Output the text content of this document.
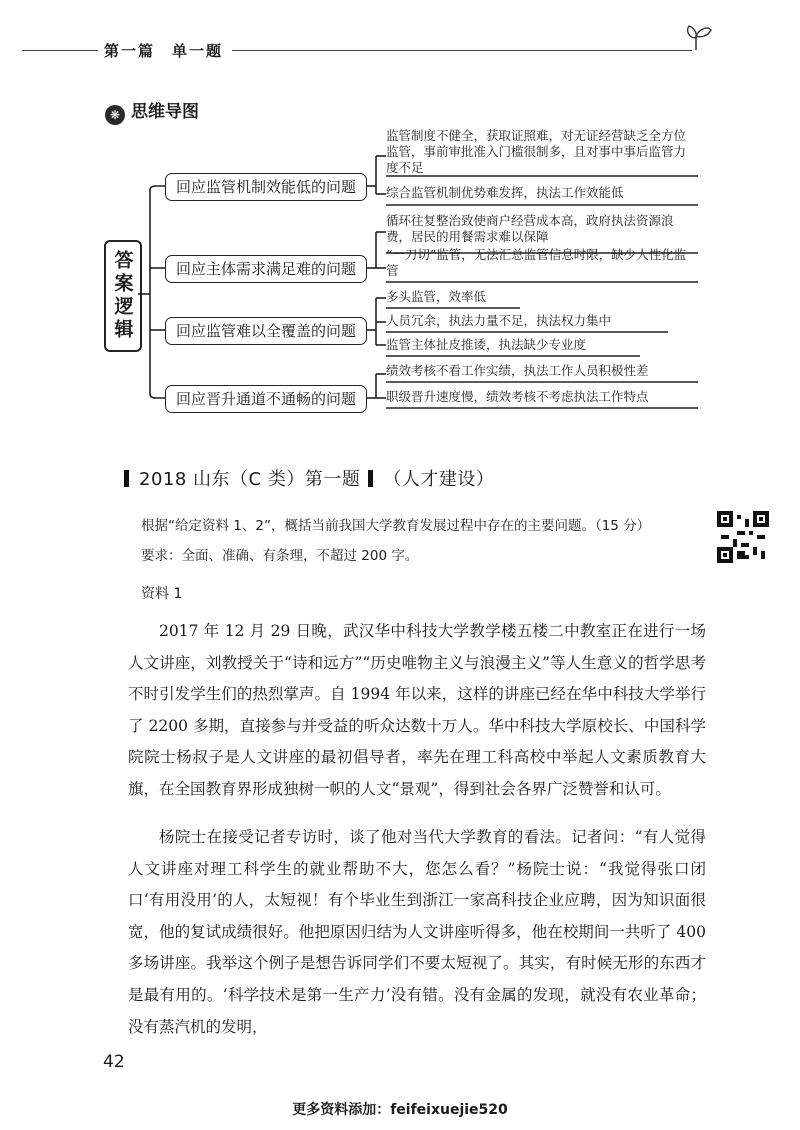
第一篇　单一题
❋ 思维导图
答案逻辑
回应监管机制效能低的问题
回应主体需求满足难的问题
回应监管难以全覆盖的问题
回应晋升通道不通畅的问题
监管制度不健全，获取证照难，对无证经营缺乏全方位监管，事前审批准入门槛很制多，且对事中事后监管力度不足
综合监管机制优势难发挥，执法工作效能低
循环往复整治致使商户经营成本高，政府执法资源浪费，居民的用餐需求难以保障
“一刀切”监管，无法汇总监管信息时限，缺少人性化监管
多头监管，效率低
人员冗余，执法力量不足，执法权力集中
监管主体扯皮推诿，执法缺少专业度
绩效考核不看工作实绩，执法工作人员积极性差
职级晋升速度慢，绩效考核不考虑执法工作特点
2018 山东（C 类）第一题 （人才建设）
根据“给定资料 1、2”，概括当前我国大学教育发展过程中存在的主要问题。（15 分）
要求：全面、准确、有条理，不超过 200 字。
资料 1

2017 年 12 月 29 日晚，武汉华中科技大学教学楼五楼二中教室正在进行一场人文讲座，刘教授关于“诗和远方”“历史唯物主义与浪漫主义”等人生意义的哲学思考不时引发学生们的热烈掌声。自 1994 年以来，这样的讲座已经在华中科技大学举行了 2200 多期，直接参与并受益的听众达数十万人。华中科技大学原校长、中国科学院院士杨叔子是人文讲座的最初倡导者，率先在理工科高校中举起人文素质教育大旗，在全国教育界形成独树一帜的人文“景观”，得到社会各界广泛赞誉和认可。

杨院士在接受记者专访时，谈了他对当代大学教育的看法。记者问：“有人觉得人文讲座对理工科学生的就业帮助不大，您怎么看？”杨院士说：“我觉得张口闭口‘有用没用’的人，太短视！有个毕业生到浙江一家高科技企业应聘，因为知识面很宽，他的复试成绩很好。他把原因归结为人文讲座听得多，他在校期间一共听了 400 多场讲座。我举这个例子是想告诉同学们不要太短视了。其实，有时候无形的东西才是最有用的。‘科学技术是第一生产力’没有错。没有金属的发现，就没有农业革命；没有蒸汽机的发明，

42
更多资料添加：feifeixuejie520
